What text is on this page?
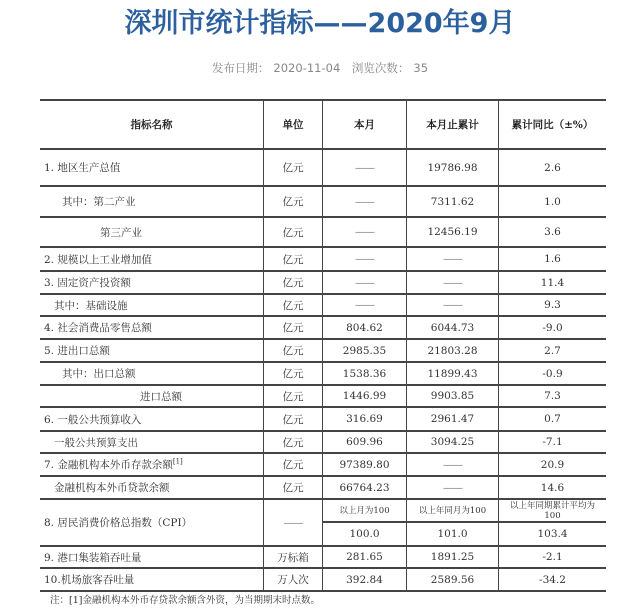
深圳市统计指标——2020年9月
发布日期： 2020-11-04 浏览次数： 35
指标名称	单位	本月	本月止累计	累计同比（±%）
1. 地区生产总值	亿元	——	19786.98	2.6
其中：第二产业	亿元	——	7311.62	1.0
第三产业	亿元	——	12456.19	3.6
2. 规模以上工业增加值	亿元	——	——	1.6
3. 固定资产投资额	亿元	——	——	11.4
其中：基础设施	亿元	——	——	9.3
4. 社会消费品零售总额	亿元	804.62	6044.73	-9.0
5. 进出口总额	亿元	2985.35	21803.28	2.7
其中：出口总额	亿元	1538.36	11899.43	-0.9
进口总额	亿元	1446.99	9903.85	7.3
6. 一般公共预算收入	亿元	316.69	2961.47	0.7
一般公共预算支出	亿元	609.96	3094.25	-7.1
7. 金融机构本外币存款余额[1]	亿元	97389.80	——	20.9
金融机构本外币贷款余额	亿元	66764.23	——	14.6
8. 居民消费价格总指数（CPI）	——	以上月为100	以上年同月为100	以上年同期累计平均为100
		100.0	101.0	103.4
9. 港口集装箱吞吐量	万标箱	281.65	1891.25	-2.1
10.机场旅客吞吐量	万人次	392.84	2589.56	-34.2
注：[1]金融机构本外币存贷款余额含外资，为当期期末时点数。
